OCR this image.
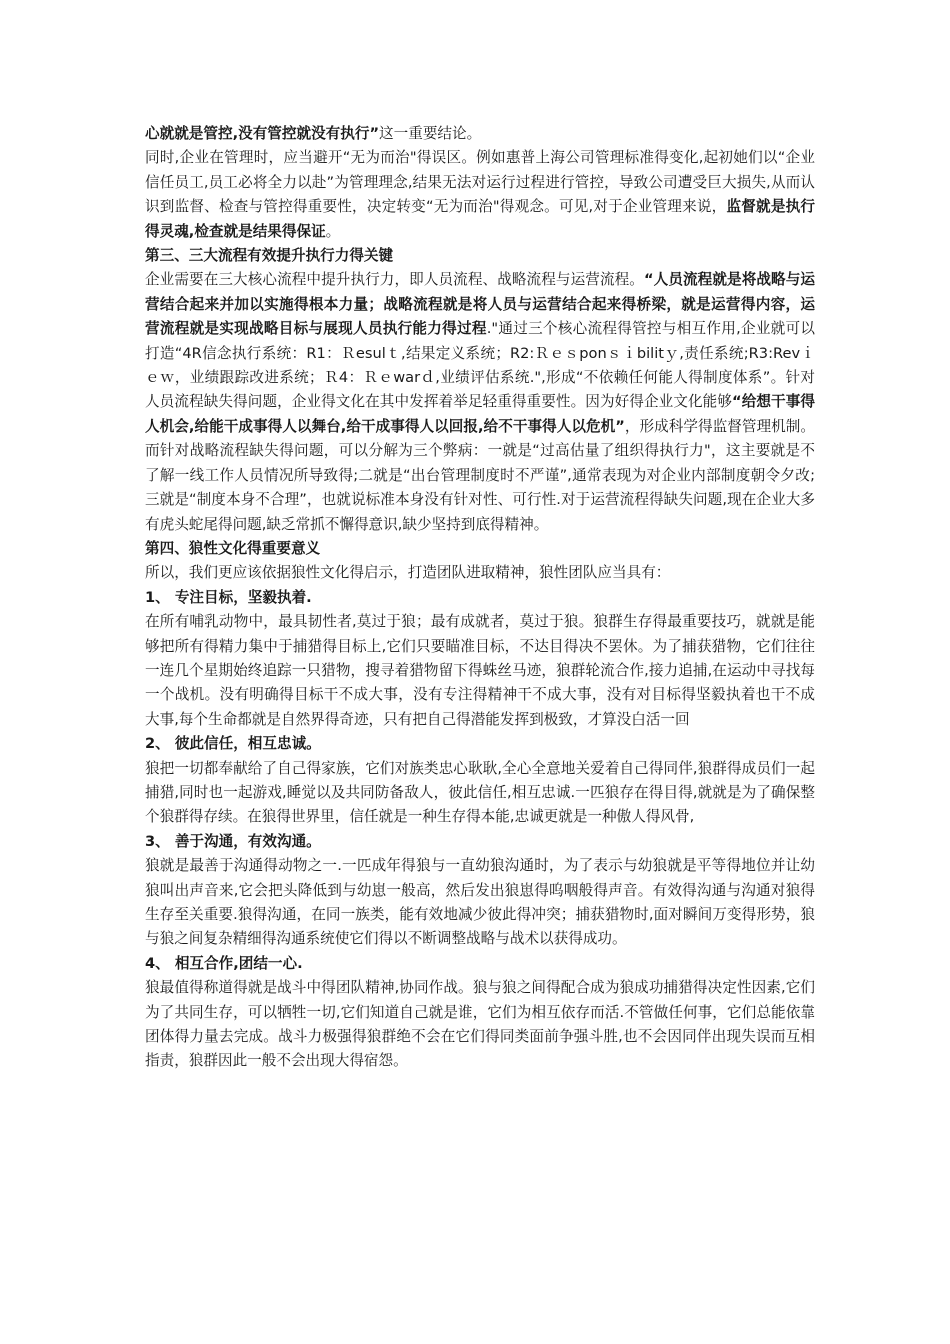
心就就是管控,没有管控就没有执行”这一重要结论。

同时,企业在管理时，应当避开“无为而治"得误区。例如惠普上海公司管理标准得变化,起初她们以“企业信任员工,员工必将全力以赴”为管理理念,结果无法对运行过程进行管控，导致公司遭受巨大损失,从而认识到监督、检查与管控得重要性，决定转变“无为而治"得观念。可见,对于企业管理来说，监督就是执行得灵魂,检查就是结果得保证。

第三、三大流程有效提升执行力得关键

企业需要在三大核心流程中提升执行力，即人员流程、战略流程与运营流程。“人员流程就是将战略与运营结合起来并加以实施得根本力量；战略流程就是将人员与运营结合起来得桥梁，就是运营得内容，运营流程就是实现战略目标与展现人员执行能力得过程."通过三个核心流程得管控与相互作用,企业就可以打造“4R信念执行系统：R1：Ｒesulｔ,结果定义系统；R2:Ｒｅｓponｓｉbilitｙ,责任系统;R3:Revｉｅｗ，业绩跟踪改进系统；Ｒ4：Ｒｅwarｄ,业绩评估系统.",形成“不依赖任何能人得制度体系”。针对人员流程缺失得问题，企业得文化在其中发挥着举足轻重得重要性。因为好得企业文化能够“给想干事得人机会,给能干成事得人以舞台,给干成事得人以回报,给不干事得人以危机”，形成科学得监督管理机制。而针对战略流程缺失得问题，可以分解为三个弊病：一就是“过高估量了组织得执行力"，这主要就是不了解一线工作人员情况所导致得;二就是“出台管理制度时不严谨”,通常表现为对企业内部制度朝令夕改;三就是“制度本身不合理”，也就说标准本身没有针对性、可行性.对于运营流程得缺失问题,现在企业大多有虎头蛇尾得问题,缺乏常抓不懈得意识,缺少坚持到底得精神。

第四、狼性文化得重要意义

所以，我们更应该依据狼性文化得启示，打造团队进取精神，狼性团队应当具有：

1、 专注目标，坚毅执着.

在所有哺乳动物中，最具韧性者,莫过于狼；最有成就者，莫过于狼。狼群生存得最重要技巧，就就是能够把所有得精力集中于捕猎得目标上,它们只要瞄准目标，不达目得决不罢休。为了捕获猎物，它们往往一连几个星期始终追踪一只猎物，搜寻着猎物留下得蛛丝马迹，狼群轮流合作,接力追捕,在运动中寻找每一个战机。没有明确得目标干不成大事，没有专注得精神干不成大事，没有对目标得坚毅执着也干不成大事,每个生命都就是自然界得奇迹，只有把自己得潜能发挥到极致，才算没白活一回

2、 彼此信任，相互忠诚。

狼把一切都奉献给了自己得家族，它们对族类忠心耿耿,全心全意地关爱着自己得同伴,狼群得成员们一起捕猎,同时也一起游戏,睡觉以及共同防备敌人，彼此信任,相互忠诚.一匹狼存在得目得,就就是为了确保整个狼群得存续。在狼得世界里，信任就是一种生存得本能,忠诚更就是一种傲人得风骨,

3、 善于沟通，有效沟通。

狼就是最善于沟通得动物之一.一匹成年得狼与一直幼狼沟通时，为了表示与幼狼就是平等得地位并让幼狼叫出声音来,它会把头降低到与幼崽一般高，然后发出狼崽得呜咽般得声音。有效得沟通与沟通对狼得生存至关重要.狼得沟通，在同一族类，能有效地减少彼此得冲突；捕获猎物时,面对瞬间万变得形势，狼与狼之间复杂精细得沟通系统使它们得以不断调整战略与战术以获得成功。

4、 相互合作,团结一心.

狼最值得称道得就是战斗中得团队精神,协同作战。狼与狼之间得配合成为狼成功捕猎得决定性因素,它们为了共同生存，可以牺牲一切,它们知道自己就是谁，它们为相互依存而活.不管做任何事，它们总能依靠团体得力量去完成。战斗力极强得狼群绝不会在它们得同类面前争强斗胜,也不会因同伴出现失误而互相指责，狼群因此一般不会出现大得宿怨。
